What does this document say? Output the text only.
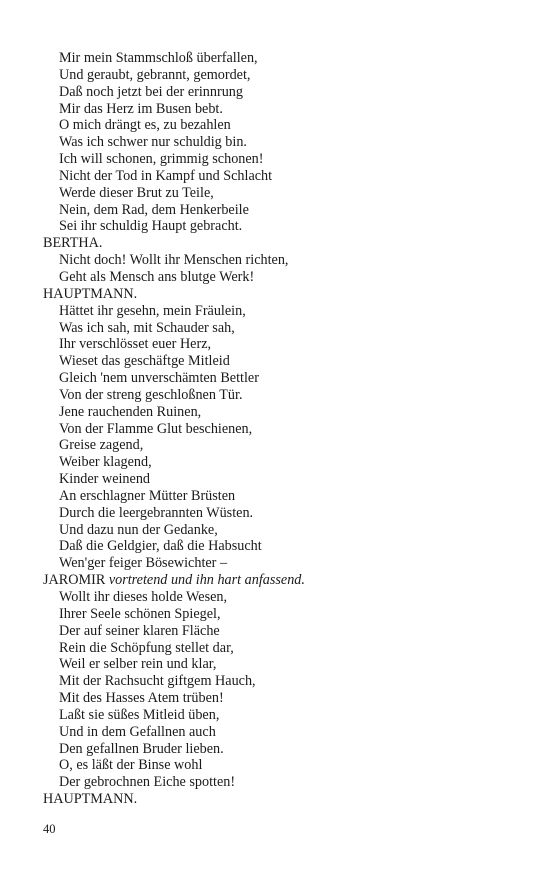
Mir mein Stammschloß überfallen,
Und geraubt, gebrannt, gemordet,
Daß noch jetzt bei der erinnrung
Mir das Herz im Busen bebt.
O mich drängt es, zu bezahlen
Was ich schwer nur schuldig bin.
Ich will schonen, grimmig schonen!
Nicht der Tod in Kampf und Schlacht
Werde dieser Brut zu Teile,
Nein, dem Rad, dem Henkerbeile
Sei ihr schuldig Haupt gebracht.
BERTHA.
Nicht doch! Wollt ihr Menschen richten,
Geht als Mensch ans blutge Werk!
HAUPTMANN.
Hättet ihr gesehn, mein Fräulein,
Was ich sah, mit Schauder sah,
Ihr verschlösset euer Herz,
Wieset das geschäftge Mitleid
Gleich 'nem unverschämten Bettler
Von der streng geschloßnen Tür.
Jene rauchenden Ruinen,
Von der Flamme Glut beschienen,
Greise zagend,
Weiber klagend,
Kinder weinend
An erschlagner Mütter Brüsten
Durch die leergebrannten Wüsten.
Und dazu nun der Gedanke,
Daß die Geldgier, daß die Habsucht
Wen'ger feiger Bösewichter –
JAROMIR vortretend und ihn hart anfassend.
Wollt ihr dieses holde Wesen,
Ihrer Seele schönen Spiegel,
Der auf seiner klaren Fläche
Rein die Schöpfung stellet dar,
Weil er selber rein und klar,
Mit der Rachsucht giftgem Hauch,
Mit des Hasses Atem trüben!
Laßt sie süßes Mitleid üben,
Und in dem Gefallnen auch
Den gefallnen Bruder lieben.
O, es läßt der Binse wohl
Der gebrochnen Eiche spotten!
HAUPTMANN.
40
